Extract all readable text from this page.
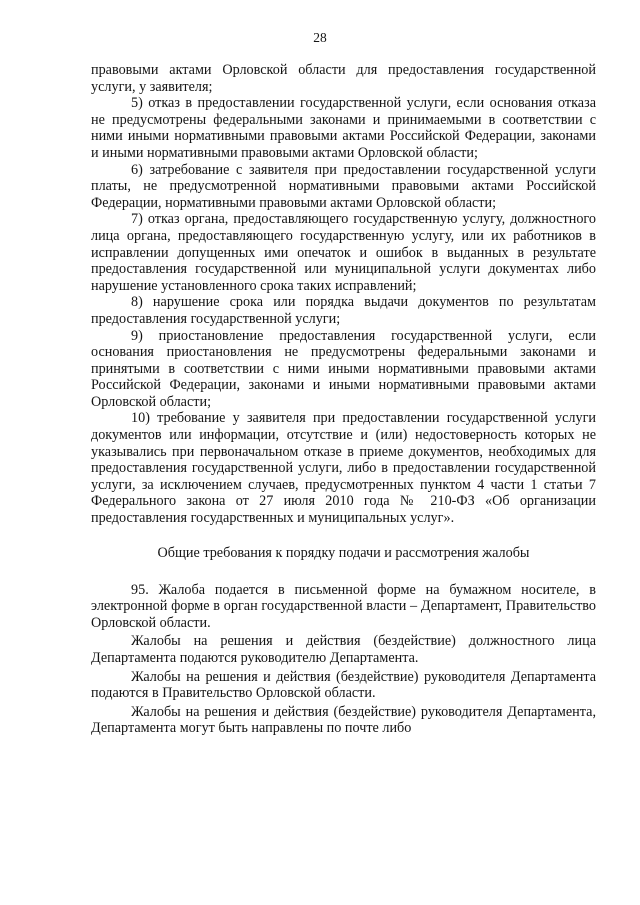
28

правовыми актами Орловской области для предоставления государственной услуги, у заявителя;

5) отказ в предоставлении государственной услуги, если основания отказа не предусмотрены федеральными законами и принимаемыми в соответствии с ними иными нормативными правовыми актами Российской Федерации, законами и иными нормативными правовыми актами Орловской области;

6) затребование с заявителя при предоставлении государственной услуги платы, не предусмотренной нормативными правовыми актами Российской Федерации, нормативными правовыми актами Орловской области;

7) отказ органа, предоставляющего государственную услугу, должностного лица органа, предоставляющего государственную услугу, или их работников в исправлении допущенных ими опечаток и ошибок в выданных в результате предоставления государственной или муниципальной услуги документах либо нарушение установленного срока таких исправлений;

8) нарушение срока или порядка выдачи документов по результатам предоставления государственной услуги;

9) приостановление предоставления государственной услуги, если основания приостановления не предусмотрены федеральными законами и принятыми в соответствии с ними иными нормативными правовыми актами Российской Федерации, законами и иными нормативными правовыми актами Орловской области;

10) требование у заявителя при предоставлении государственной услуги документов или информации, отсутствие и (или) недостоверность которых не указывались при первоначальном отказе в приеме документов, необходимых для предоставления государственной услуги, либо в предоставлении государственной услуги, за исключением случаев, предусмотренных пунктом 4 части 1 статьи 7 Федерального закона от 27 июля 2010 года № 210-ФЗ «Об организации предоставления государственных и муниципальных услуг».

Общие требования к порядку подачи и рассмотрения жалобы

95. Жалоба подается в письменной форме на бумажном носителе, в электронной форме в орган государственной власти – Департамент, Правительство Орловской области.

Жалобы на решения и действия (бездействие) должностного лица Департамента подаются руководителю Департамента.

Жалобы на решения и действия (бездействие) руководителя Департамента подаются в Правительство Орловской области.

Жалобы на решения и действия (бездействие) руководителя Департамента, Департамента могут быть направлены по почте либо
